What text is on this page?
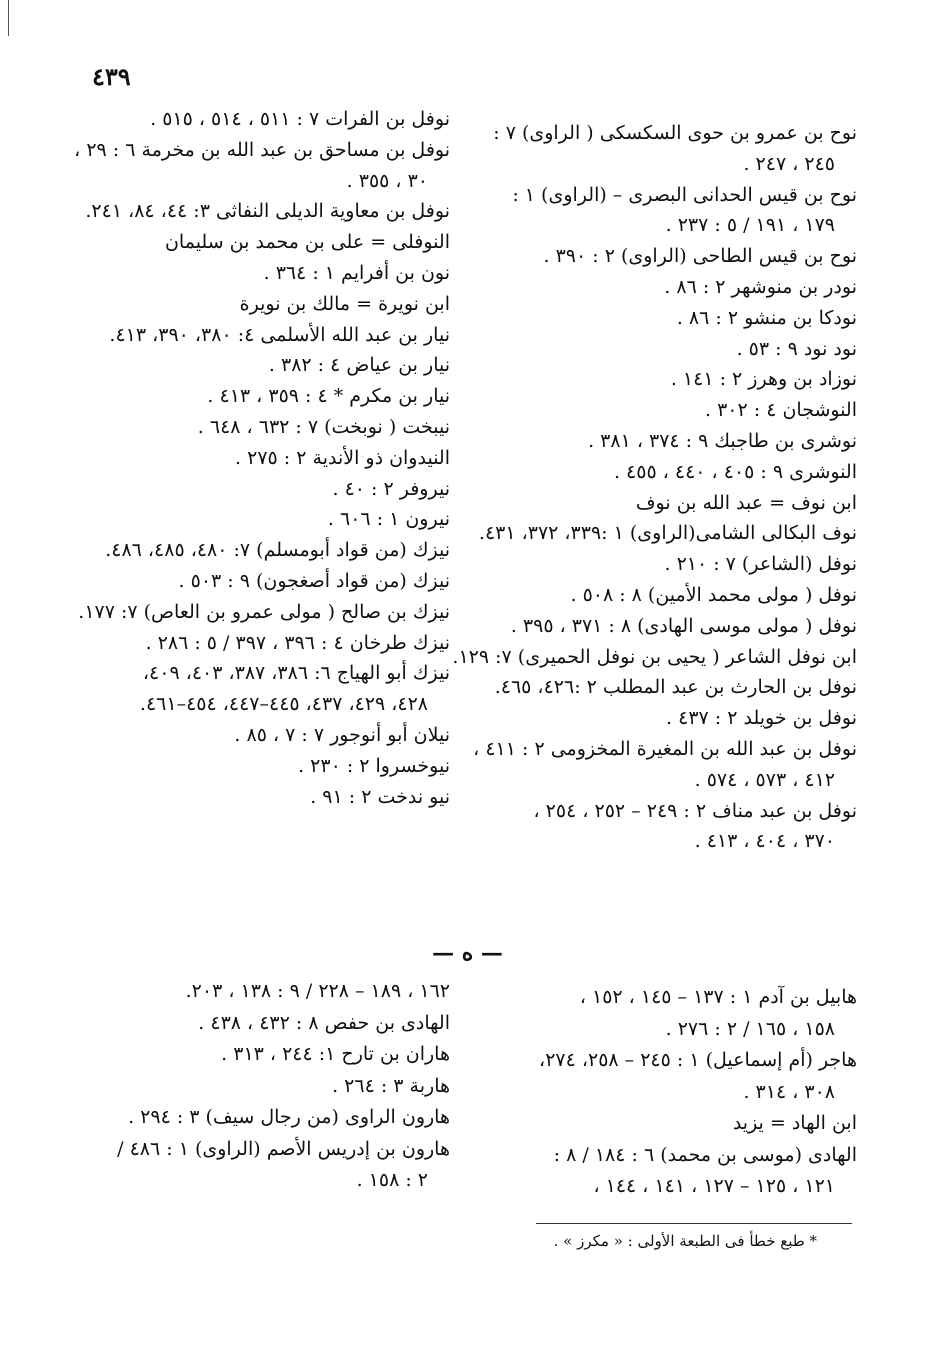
٤٣٩
نوح بن عمرو بن حوى السكسكى ( الراوى) ٧ :
٢٤٥ ، ٢٤٧ .
نوح بن قيس الحدانى البصرى – (الراوى) ١ :
١٧٩ ، ١٩١ / ٥ : ٢٣٧ .
نوح بن قيس الطاحى (الراوى) ٢ : ٣٩٠ .
نودر بن منوشهر ٢ : ٨٦ .
نودكا بن منشو ٢ : ٨٦ .
نود نود ٩ : ٥٣ .
نوزاد بن وهرز ٢ : ١٤١ .
النوشجان ٤ : ٣٠٢ .
نوشرى بن طاجبك ٩ : ٣٧٤ ، ٣٨١ .
النوشرى ٩ : ٤٠٥ ، ٤٤٠ ، ٤٥٥ .
ابن نوف = عبد الله بن نوف
نوف البكالى الشامى(الراوى) ١ :٣٣٩، ٣٧٢، ٤٣١.
نوفل (الشاعر) ٧ : ٢١٠ .
نوفل ( مولى محمد الأمين) ٨ : ٥٠٨ .
نوفل ( مولى موسى الهادى) ٨ : ٣٧١ ، ٣٩٥ .
ابن نوفل الشاعر ( يحيى بن نوفل الحميرى) ٧: ١٢٩.
نوفل بن الحارث بن عبد المطلب ٢ :٤٢٦، ٤٦٥.
نوفل بن خويلد ٢ : ٤٣٧ .
نوفل بن عبد الله بن المغيرة المخزومى ٢ : ٤١١ ،
٤١٢ ، ٥٧٣ ، ٥٧٤ .
نوفل بن عبد مناف ٢ : ٢٤٩ – ٢٥٢ ، ٢٥٤ ،
٣٧٠ ، ٤٠٤ ، ٤١٣ .
نوفل بن الفرات ٧ : ٥١١ ، ٥١٤ ، ٥١٥ .
نوفل بن مساحق بن عبد الله بن مخرمة ٦ : ٢٩ ،
٣٠ ، ٣٥٥ .
نوفل بن معاوية الديلى النفاثى ٣: ٤٤، ٨٤، ٢٤١.
النوفلى = على بن محمد بن سليمان
نون بن أفرايم ١ : ٣٦٤ .
ابن نويرة = مالك بن نويرة
نيار بن عبد الله الأسلمى ٤: ٣٨٠، ٣٩٠، ٤١٣.
نيار بن عياض ٤ : ٣٨٢ .
نيار بن مكرم * ٤ : ٣٥٩ ، ٤١٣ .
نيبخت ( نوبخت) ٧ : ٦٣٢ ، ٦٤٨ .
النيدوان ذو الأندية ٢ : ٢٧٥ .
نيروفر ٢ : ٤٠ .
نيرون ١ : ٦٠٦ .
نيزك (من قواد أبومسلم) ٧: ٤٨٠، ٤٨٥، ٤٨٦.
نيزك (من قواد أصغجون) ٩ : ٥٠٣ .
نيزك بن صالح ( مولى عمرو بن العاص) ٧: ١٧٧.
نيزك طرخان ٤ : ٣٩٦ ، ٣٩٧ / ٥ : ٢٨٦ .
نيزك أبو الهياج ٦: ٣٨٦، ٣٨٧، ٤٠٣، ٤٠٩،
٤٢٨، ٤٢٩، ٤٣٧، ٤٤٥–٤٤٧، ٤٥٤–٤٦١.
نيلان أبو أنوجور ٧ : ٧ ، ٨٥ .
نيوخسروا ٢ : ٢٣٠ .
نيو ندخت ٢ : ٩١ .
— ه —
هابيل بن آدم ١ : ١٣٧ – ١٤٥ ، ١٥٢ ،
١٥٨ ، ١٦٥ / ٢ : ٢٧٦ .
هاجر (أم إسماعيل) ١ : ٢٤٥ – ٢٥٨، ٢٧٤،
٣٠٨ ، ٣١٤ .
ابن الهاد = يزيد
الهادى (موسى بن محمد) ٦ : ١٨٤ / ٨ :
١٢١ ، ١٢٥ – ١٢٧ ، ١٤١ ، ١٤٤ ،
١٦٢ ، ١٨٩ – ٢٢٨ / ٩ : ١٣٨ ، ٢٠٣.
الهادى بن حفص ٨ : ٤٣٢ ، ٤٣٨ .
هاران بن تارح ١: ٢٤٤ ، ٣١٣ .
هاربة ٣ : ٢٦٤ .
هارون الراوى (من رجال سيف) ٣ : ٢٩٤ .
هارون بن إدريس الأصم (الراوى) ١ : ٤٨٦ /
٢ : ١٥٨ .
* طبع خطأ فى الطبعة الأولى : « مكرز » .
